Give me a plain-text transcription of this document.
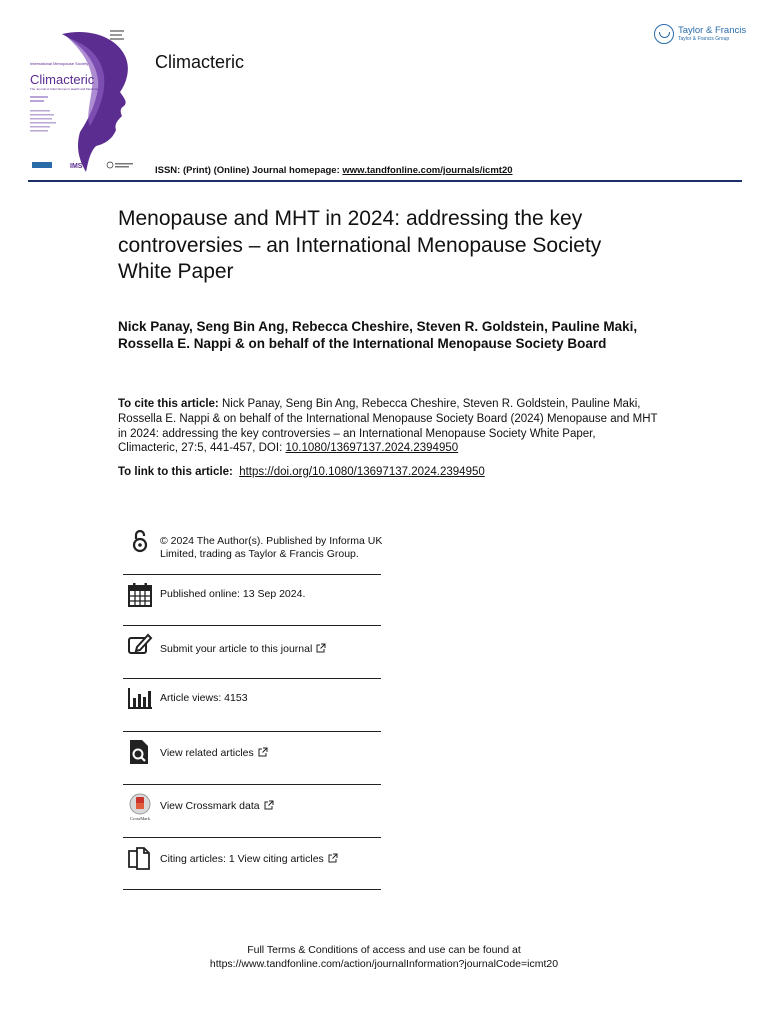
International Menopause Society
Climacteric
The Journal of Adult Women's Health and Medicine
IMS
Climacteric
Taylor & Francis
Taylor & Francis Group
ISSN: (Print) (Online) Journal homepage: www.tandfonline.com/journals/icmt20
Menopause and MHT in 2024: addressing the key controversies – an International Menopause Society White Paper
Nick Panay, Seng Bin Ang, Rebecca Cheshire, Steven R. Goldstein, Pauline Maki, Rossella E. Nappi & on behalf of the International Menopause Society Board
To cite this article: Nick Panay, Seng Bin Ang, Rebecca Cheshire, Steven R. Goldstein, Pauline Maki, Rossella E. Nappi & on behalf of the International Menopause Society Board (2024) Menopause and MHT in 2024: addressing the key controversies – an International Menopause Society White Paper, Climacteric, 27:5, 441-457, DOI: 10.1080/13697137.2024.2394950
To link to this article: https://doi.org/10.1080/13697137.2024.2394950
© 2024 The Author(s). Published by Informa UK Limited, trading as Taylor & Francis Group.
Published online: 13 Sep 2024.
Submit your article to this journal
Article views: 4153
View related articles
CrossMark
View Crossmark data
Citing articles: 1 View citing articles
Full Terms & Conditions of access and use can be found at
https://www.tandfonline.com/action/journalInformation?journalCode=icmt20
